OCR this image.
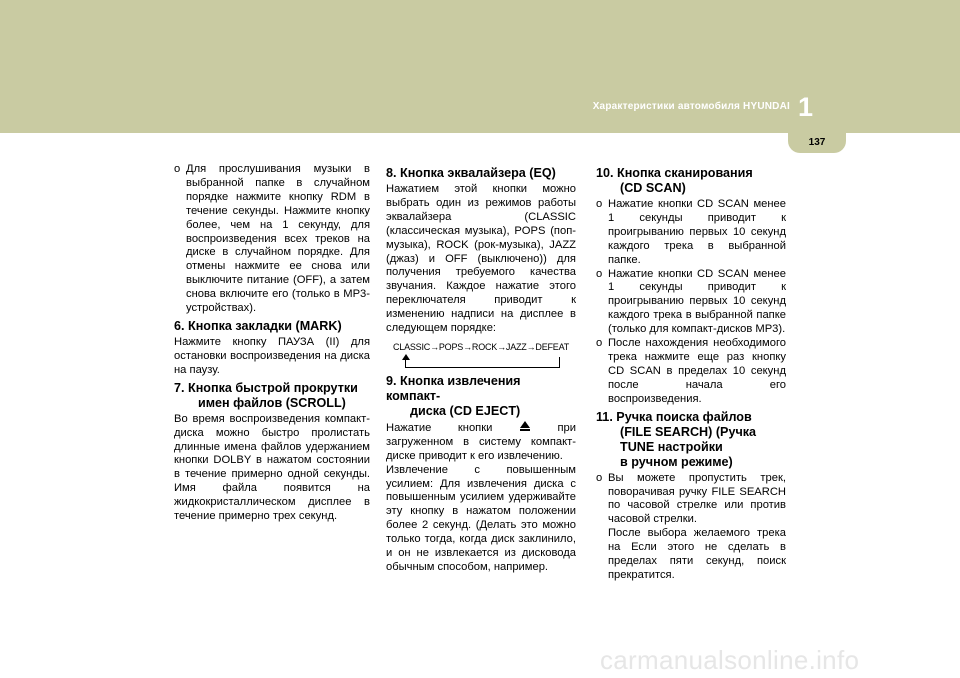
Характеристики автомобиля HYUNDAI 1
137
o Для прослушивания музыки в выбранной папке в случайном порядке нажмите кнопку RDM в течение секунды. Нажмите кнопку более, чем на 1 секунду, для воспроизведения всех треков на диске в случайном порядке. Для отмены нажмите ее снова или выключите питание (OFF), а затем снова включите его (только в MP3-устройствах).
6. Кнопка закладки (MARK)

Нажмите кнопку ПАУЗА (II) для остановки воспроизведения на диска на паузу.

7. Кнопка быстрой прокрутки
имен файлов (SCROLL)

Во время воспроизведения компакт-диска можно быстро пролистать длинные имена файлов удержанием кнопки DOLBY в нажатом состоянии в течение примерно одной секунды. Имя файла появится на жидкокристаллическом дисплее в течение примерно трех секунд.

8. Кнопка эквалайзера (EQ)

Нажатием этой кнопки можно выбрать один из режимов работы эквалайзера (CLASSIC (классическая музыка), POPS (поп-музыка), ROCK (рок-музыка), JAZZ (джаз) и OFF (выключено)) для получения требуемого качества звучания. Каждое нажатие этого переключателя приводит к изменению надписи на дисплее в следующем порядке:

CLASSIC→POPS→ROCK→JAZZ→DEFEAT
9. Кнопка извлечения компакт-
диска (CD EJECT)

Нажатие кнопки	при загруженном в систему компакт-диске приводит к его извлечению.

Извлечение с повышенным усилием: Для извлечения диска с повышенным усилием удерживайте эту кнопку в нажатом положении более 2 секунд. (Делать это можно только тогда, когда диск заклинило, и он не извлекается из дисковода обычным способом, например.

10. Кнопка сканирования
(CD SCAN)
o Нажатие кнопки CD SCAN менее 1 секунды приводит к проигрыванию первых 10 секунд каждого трека в выбранной папке.
o Нажатие кнопки CD SCAN менее 1 секунды приводит к проигрыванию первых 10 секунд каждого трека в выбранной папке (только для компакт-дисков MP3).
o После нахождения необходимого трека нажмите еще раз кнопку CD SCAN в пределах 10 секунд после начала его воспроизведения.
11. Ручка поиска файлов
(FILE SEARCH) (Ручка
TUNE настройки
в ручном режиме)
o Вы можете пропустить трек, поворачивая ручку FILE SEARCH по часовой стрелке или против часовой стрелки.
После выбора желаемого трека на Если этого не сделать в пределах пяти секунд, поиск прекратится.
carmanualsonline.info
